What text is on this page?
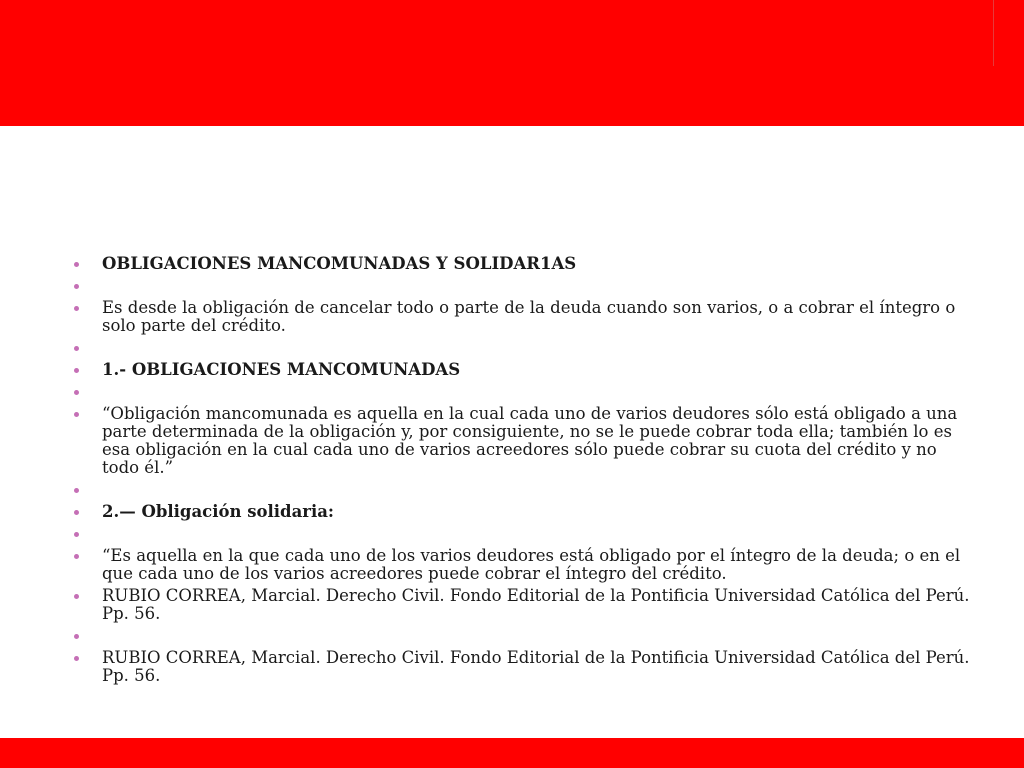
OBLIGACIONES MANCOMUNADAS Y SOLIDAR1AS
Es desde la obligación de cancelar todo o parte de la deuda cuando son varios, o a cobrar el íntegro o solo parte del crédito.
1.- OBLIGACIONES MANCOMUNADAS
“Obligación mancomunada es aquella en la cual cada uno de varios deudores sólo está obligado a una parte determinada de la obligación y, por consiguiente, no se le puede cobrar toda ella; también lo es esa obligación en la cual cada uno de varios acreedores sólo puede cobrar su cuota del crédito y no todo él.”
2.— Obligación solidaria:
“Es aquella en la que cada uno de los varios deudores está obligado por el íntegro de la deuda; o en el que cada uno de los varios acreedores puede cobrar el íntegro del crédito.
RUBIO CORREA, Marcial. Derecho Civil. Fondo Editorial de la Pontificia Universidad Católica del Perú. Pp. 56.
RUBIO CORREA, Marcial. Derecho Civil. Fondo Editorial de la Pontificia Universidad Católica del Perú. Pp. 56.
